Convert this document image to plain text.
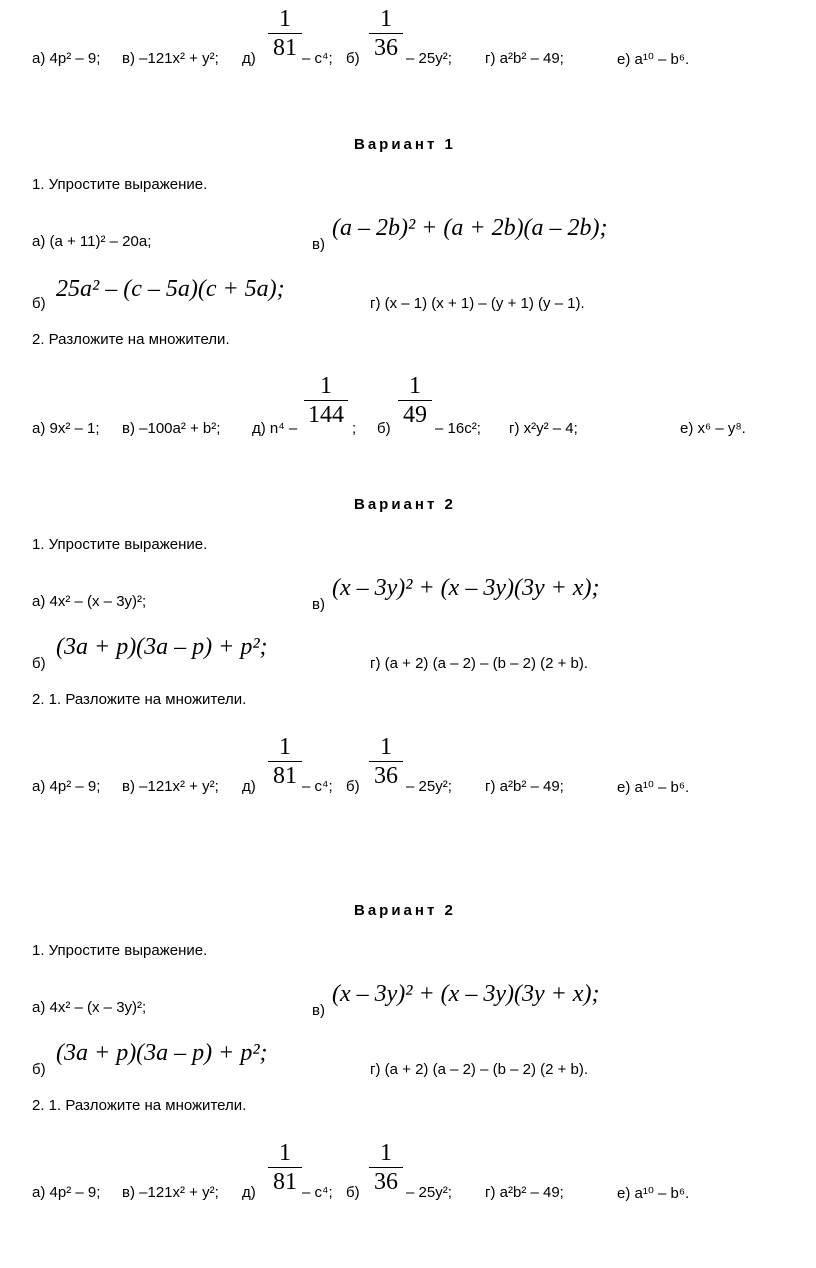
а) 4p² – 9; в) –121x² + y²; д)
1
81 – c⁴; б)
1
36 – 25y²; г) a²b² – 49;	е) a¹⁰ – b⁶.
Вариант 1
1. Упростите выражение.
а) (a + 11)² – 20a;	в)
(a – 2b)² + (a + 2b)(a – 2b);
б)
25a² – (c – 5a)(c + 5a);
г) (x – 1) (x + 1) – (y + 1) (y – 1).
2. Разложите на множители.
а) 9x² – 1; в) –100a² + b²; д) n⁴ –
1
144
; б)
1
49
– 16c²; г) x²y² – 4;	е) x⁶ – y⁸.
Вариант 2
1. Упростите выражение.
а) 4x² – (x – 3y)²;	в)
(x – 3y)² + (x – 3y)(3y + x);
б)
(3a + p)(3a – p) + p²;
г) (a + 2) (a – 2) – (b – 2) (2 + b).
2. 1. Разложите на множители.
а) 4p² – 9; в) –121x² + y²; д)
1
81 – c⁴; б)
1
36 – 25y²; г) a²b² – 49;	е) a¹⁰ – b⁶.
Вариант 2
1. Упростите выражение.
а) 4x² – (x – 3y)²;	в)
(x – 3y)² + (x – 3y)(3y + x);
б)
(3a + p)(3a – p) + p²;
г) (a + 2) (a – 2) – (b – 2) (2 + b).
2. 1. Разложите на множители.
а) 4p² – 9; в) –121x² + y²; д)
1
81 – c⁴; б)
1
36 – 25y²; г) a²b² – 49;	е) a¹⁰ – b⁶.
